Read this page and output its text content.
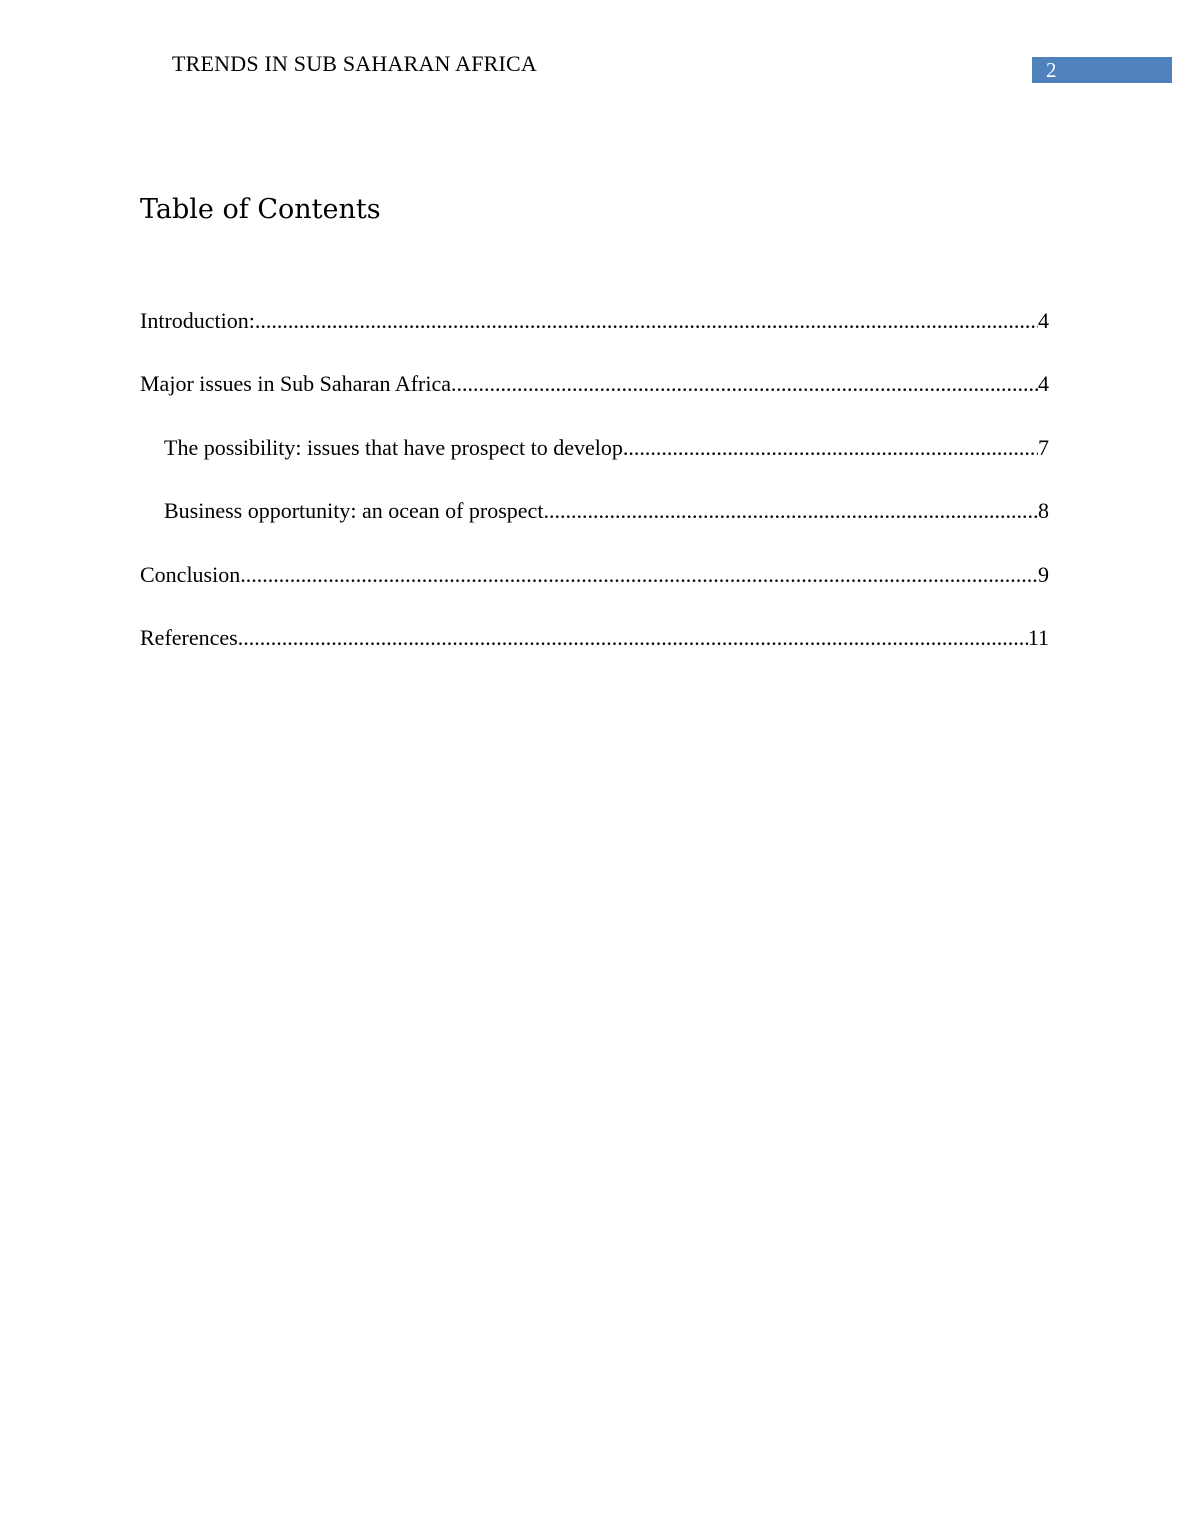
TRENDS IN SUB SAHARAN AFRICA	2
Table of Contents
Introduction: .....	4
Major issues in Sub Saharan Africa .....	4
The possibility: issues that have prospect to develop .....	7
Business opportunity: an ocean of prospect .....	8
Conclusion .....	9
References .....	11
